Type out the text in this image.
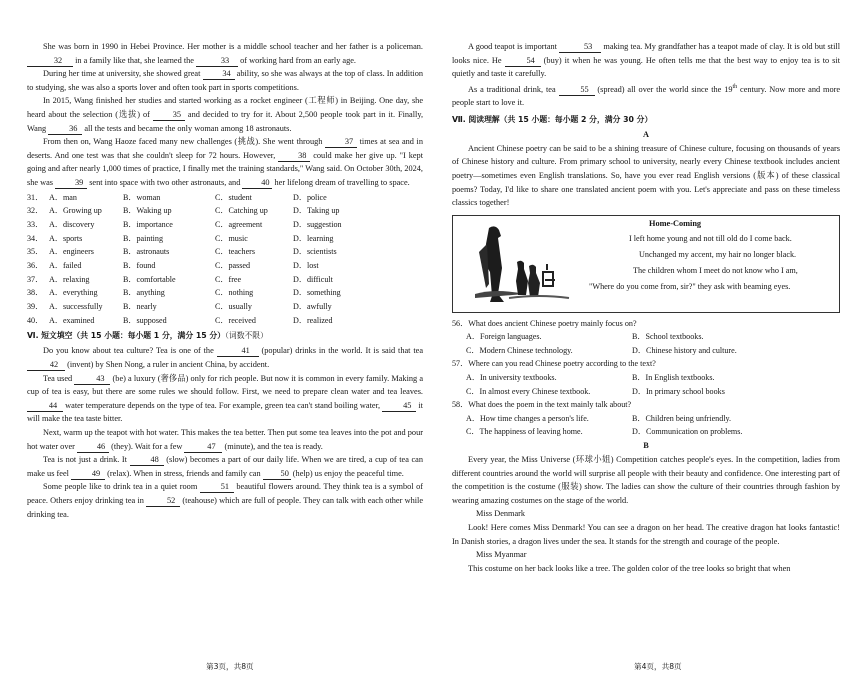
She was born in 1990 in Hebei Province. Her mother is a middle school teacher and her father is a policeman. 32 in a family like that, she learned the	33 of working hard from an early age.

During her time at university, she showed great	34 ability, so she was always at the top of class. In addition to studying, she was also a sports lover and often took part in sports competitions.

In 2015, Wang finished her studies and started working as a rocket engineer (工程师) in Beijing. One day, she heard about the selection (选拔) of	35 and decided to try for it. About 2,500 people took part in it. Finally, Wang	36 all the tests and became the only woman among 18 astronauts.

From then on, Wang Haoze faced many new challenges (挑战). She went through	37 times at sea and in deserts. And one test was that she couldn't sleep for 72 hours. However,	38 could make her give up. "I kept going and after nearly 1,000 times of practice, I finally met the training standards," Wang said. On October 30th, 2024, she was	39 sent into space with two other astronauts, and	40 her lifelong dream of travelling to space.

31． A．man	B．woman	C．student	D．police
32． A．Growing up	B．Waking up	C．Catching up	D．Taking up
33． A．discovery	B．importance	C．agreement	D．suggestion
34． A．sports	B．painting	C．music	D．learning
35． A．engineers	B．astronauts	C．teachers	D．scientists
36． A．failed	B．found	C．passed	D．lost
37． A．relaxing	B．comfortable	C．free	D．difficult
38． A．everything	B．anything	C．nothing	D．something
39． A．successfully	B．nearly	C．usually	D．awfully
40． A．examined	B．supposed	C．received	D．realized
Ⅵ. 短文填空（共 15 小题：每小题 1 分，满分 15 分）（词数不限）

Do you know about tea culture? Tea is one of the	41 (popular) drinks in the world. It is said that tea 42 (invent) by Shen Nong, a ruler in ancient China, by accident.

Tea used	43 (be) a luxury (奢侈品) only for rich people. But now it is common in every family. Making a cup of tea is easy, but there are some rules we should follow. First, we need to prepare clean water and tea leaves. 44 water temperature depends on the type of tea. For example, green tea can't stand boiling water,	45 it will make the tea taste bitter.

Next, warm up the teapot with hot water. This makes the tea better. Then put some tea leaves into the pot and pour hot water over	46 (they). Wait for a few	47 (minute), and the tea is ready.

Tea is not just a drink. It	48 (slow) becomes a part of our daily life. When we are tired, a cup of tea can make us feel	49 (relax). When in stress, friends and family can 50 (help) us enjoy the peaceful time.

Some people like to drink tea in a quiet room	51 beautiful flowers around. They think tea is a symbol of peace. Others enjoy drinking tea in	52 (teahouse) which are full of people. They can talk with each other while drinking tea.

A good teapot is important	53 making tea. My grandfather has a teapot made of clay. It is old but still looks nice. He	54 (buy) it when he was young. He often tells me that the best way to enjoy tea is to sit quietly and taste it carefully.

As a traditional drink, tea	55 (spread) all over the world since the 19th century. Now more and more people start to love it.

Ⅶ. 阅读理解（共 15 小题：每小题 2 分，满分 30 分）
A

Ancient Chinese poetry can be said to be a shining treasure of Chinese culture, focusing on thousands of years of Chinese history and culture. From primary school to university, nearly every Chinese textbook includes ancient poetry—sometimes even English translations. So, have you ever read English versions (版本) of these classical poems? Today, I'd like to share one translated ancient poem with you. Let's appreciate and pass on these timeless classics together!

Home-Coming
I left home young and not till old do I come back.
Unchanged my accent, my hair no longer black.
The children whom I meet do not know who I am,
"Where do you come from, sir?" they ask with beaming eyes.
56．What does ancient Chinese poetry mainly focus on?
A．Foreign languages.	B．School textbooks.
C．Modern Chinese technology.	D．Chinese history and culture.
57．Where can you read Chinese poetry according to the text?
A．In university textbooks.	B．In English textbooks.
C．In almost every Chinese textbook.	D．In primary school books
58．What does the poem in the text mainly talk about?
A．How time changes a person's life.	B．Children being unfriendly.
C．The happiness of leaving home.	D．Communication on problems.
B

Every year, the Miss Universe (环球小姐) Competition catches people's eyes. In the competition, ladies from different countries around the world will surprise all people with their beauty and confidence. One interesting part of the competition is the costume (服装) show. The ladies can show the culture of their countries through fashion by wearing amazing costumes on the stage of the world.

Miss Denmark

Look! Here comes Miss Denmark! You can see a dragon on her head. The creative dragon hat looks fantastic! In Danish stories, a dragon lives under the sea. It stands for the strength and courage of the people.

Miss Myanmar

This costume on her back looks like a tree. The golden color of the tree looks so bright that when

第3页，共8页	第4页，共8页
